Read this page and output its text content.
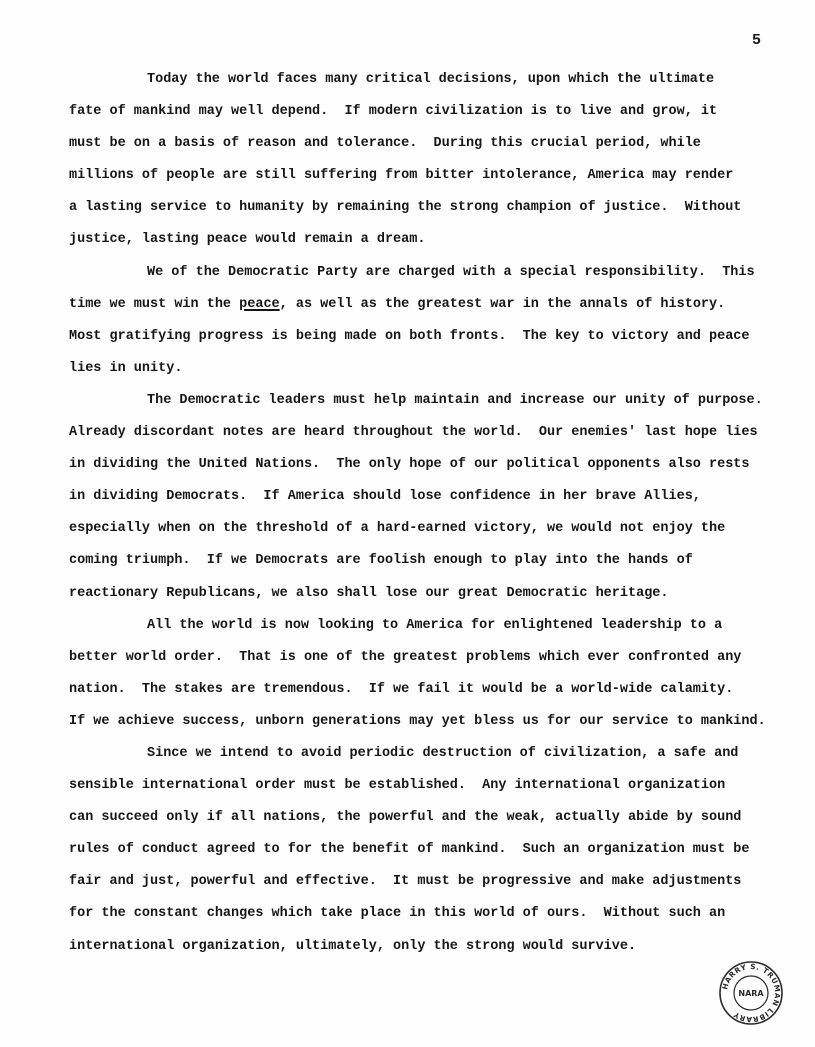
5
Today the world faces many critical decisions, upon which the ultimate
fate of mankind may well depend.  If modern civilization is to live and grow, it
must be on a basis of reason and tolerance.  During this crucial period, while
millions of people are still suffering from bitter intolerance, America may render
a lasting service to humanity by remaining the strong champion of justice.  Without
justice, lasting peace would remain a dream.
We of the Democratic Party are charged with a special responsibility.  This
time we must win the peace, as well as the greatest war in the annals of history.
Most gratifying progress is being made on both fronts.  The key to victory and peace
lies in unity.
The Democratic leaders must help maintain and increase our unity of purpose.
Already discordant notes are heard throughout the world.  Our enemies' last hope lies
in dividing the United Nations.  The only hope of our political opponents also rests
in dividing Democrats.  If America should lose confidence in her brave Allies,
especially when on the threshold of a hard-earned victory, we would not enjoy the
coming triumph.  If we Democrats are foolish enough to play into the hands of
reactionary Republicans, we also shall lose our great Democratic heritage.
All the world is now looking to America for enlightened leadership to a
better world order.  That is one of the greatest problems which ever confronted any
nation.  The stakes are tremendous.  If we fail it would be a world-wide calamity.
If we achieve success, unborn generations may yet bless us for our service to mankind.
Since we intend to avoid periodic destruction of civilization, a safe and
sensible international order must be established.  Any international organization
can succeed only if all nations, the powerful and the weak, actually abide by sound
rules of conduct agreed to for the benefit of mankind.  Such an organization must be
fair and just, powerful and effective.  It must be progressive and make adjustments
for the constant changes which take place in this world of ours.  Without such an
international organization, ultimately, only the strong would survive.
HARRY S. TRUMAN LIBRARY
NARA
